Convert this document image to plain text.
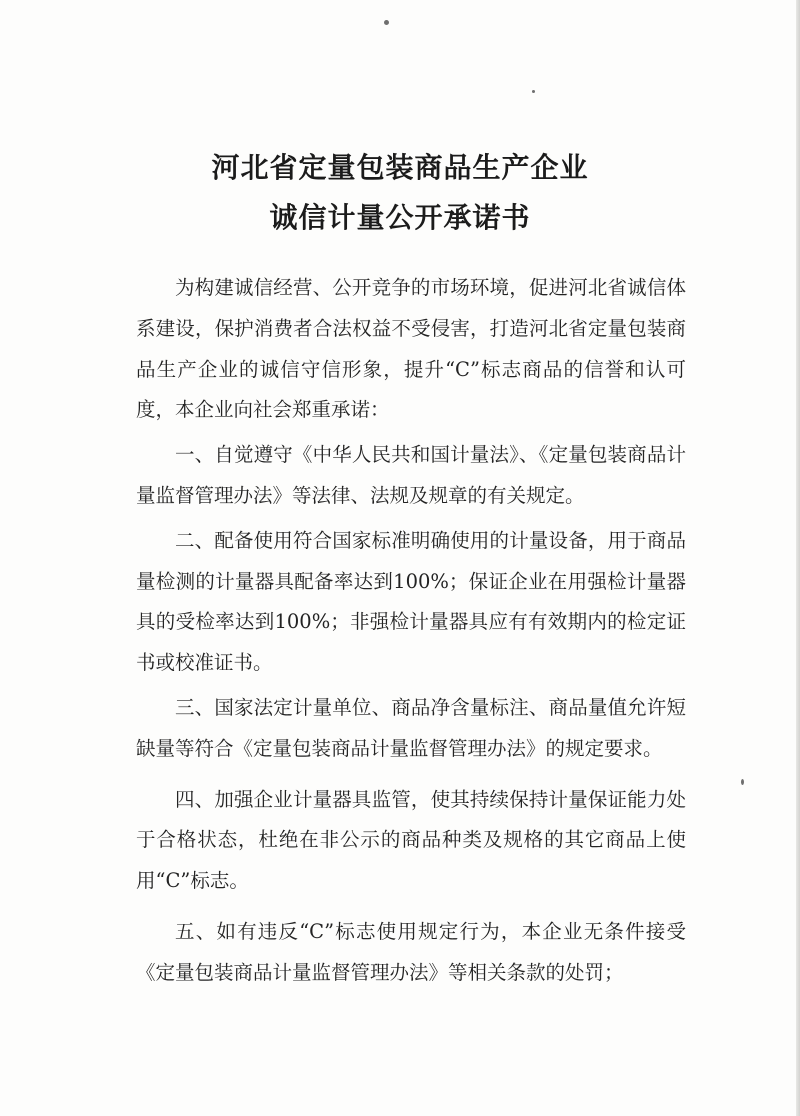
河北省定量包装商品生产企业
诚信计量公开承诺书

为构建诚信经营、公开竞争的市场环境，促进河北省诚信体系建设，保护消费者合法权益不受侵害，打造河北省定量包装商品生产企业的诚信守信形象，提升“C”标志商品的信誉和认可度，本企业向社会郑重承诺：

一、自觉遵守《中华人民共和国计量法》、《定量包装商品计量监督管理办法》等法律、法规及规章的有关规定。

二、配备使用符合国家标准明确使用的计量设备，用于商品量检测的计量器具配备率达到100%；保证企业在用强检计量器具的受检率达到100%；非强检计量器具应有有效期内的检定证书或校准证书。

三、国家法定计量单位、商品净含量标注、商品量值允许短缺量等符合《定量包装商品计量监督管理办法》的规定要求。

四、加强企业计量器具监管，使其持续保持计量保证能力处于合格状态，杜绝在非公示的商品种类及规格的其它商品上使用“C”标志。

五、如有违反“C”标志使用规定行为，本企业无条件接受《定量包装商品计量监督管理办法》等相关条款的处罚；
